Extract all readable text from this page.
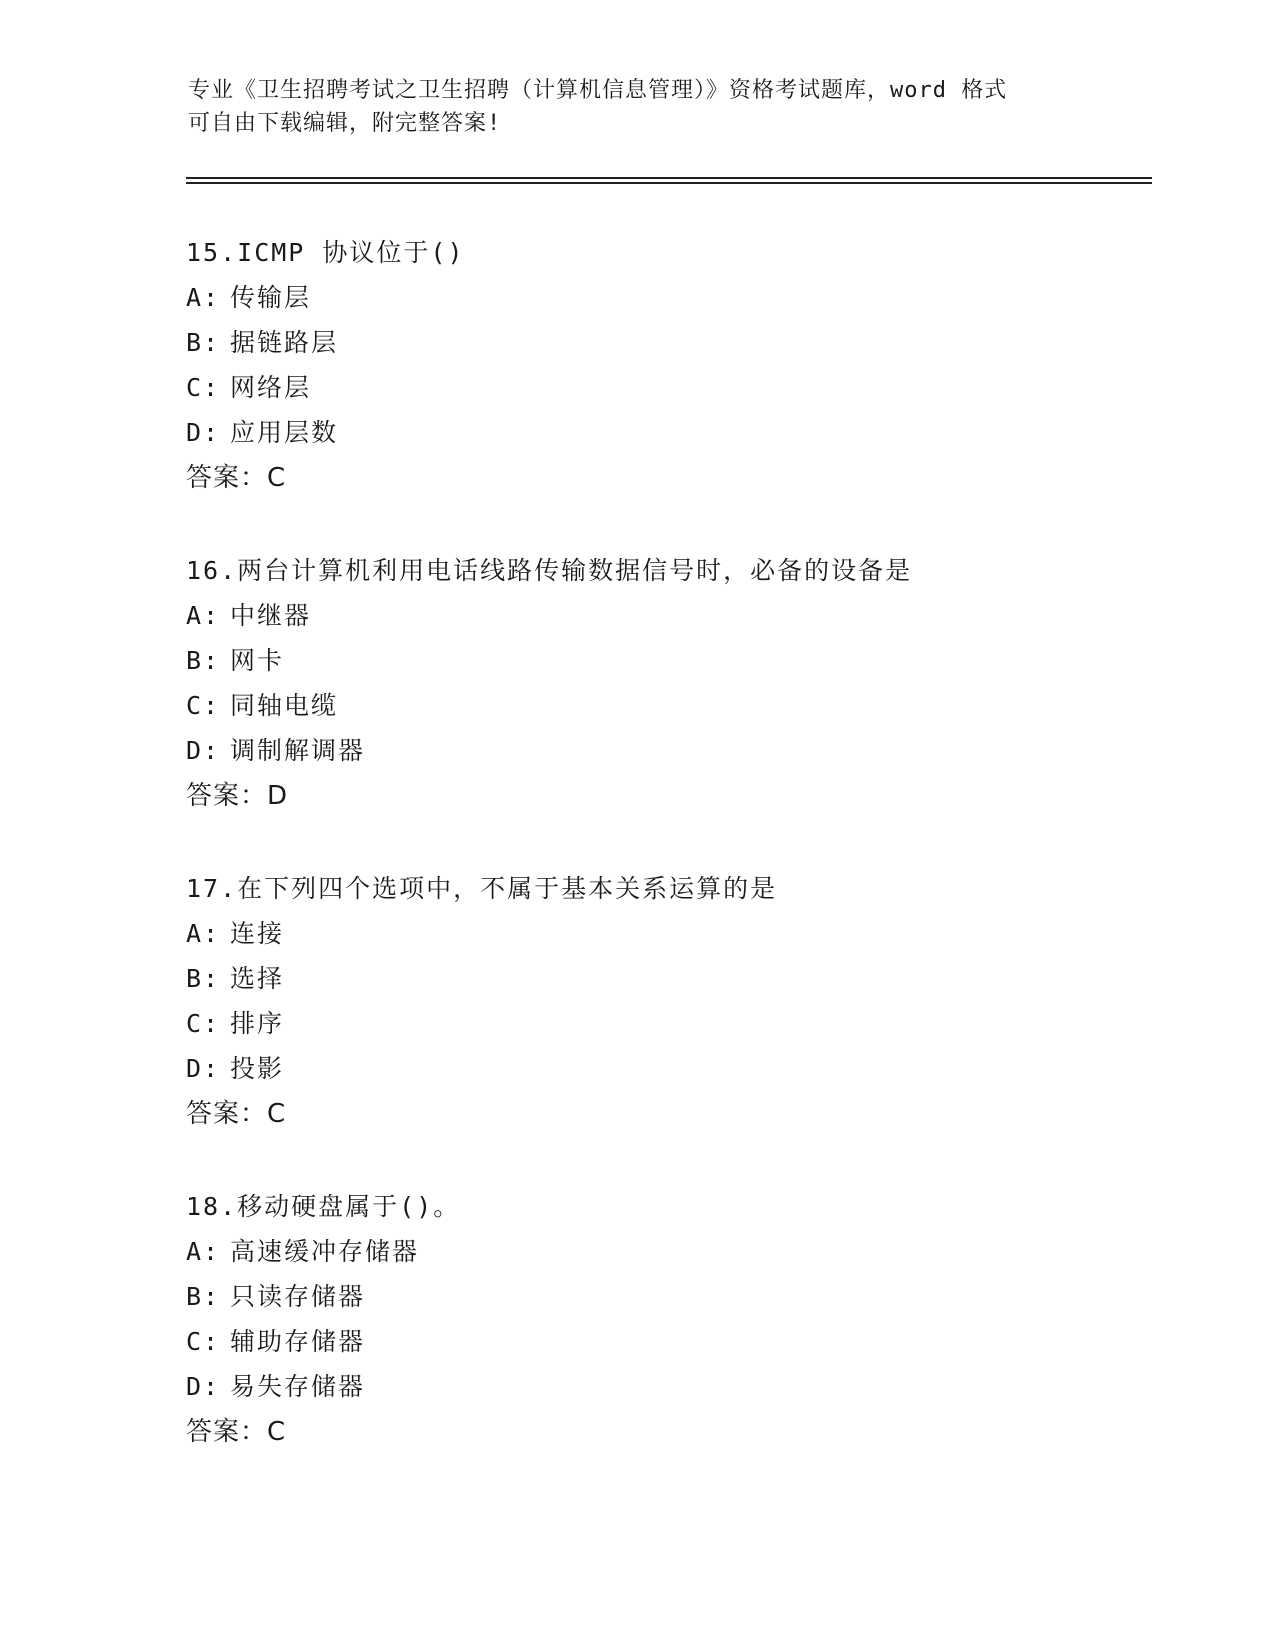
专业《卫生招聘考试之卫生招聘（计算机信息管理）》资格考试题库，word 格式
可自由下载编辑，附完整答案!
15.ICMP 协议位于()
A: 传输层
B: 据链路层
C: 网络层
D: 应用层数
答案：C
16.两台计算机利用电话线路传输数据信号时，必备的设备是
A: 中继器
B: 网卡
C: 同轴电缆
D: 调制解调器
答案：D
17.在下列四个选项中，不属于基本关系运算的是
A: 连接
B: 选择
C: 排序
D: 投影
答案：C
18.移动硬盘属于()。
A: 高速缓冲存储器
B: 只读存储器
C: 辅助存储器
D: 易失存储器
答案：C
